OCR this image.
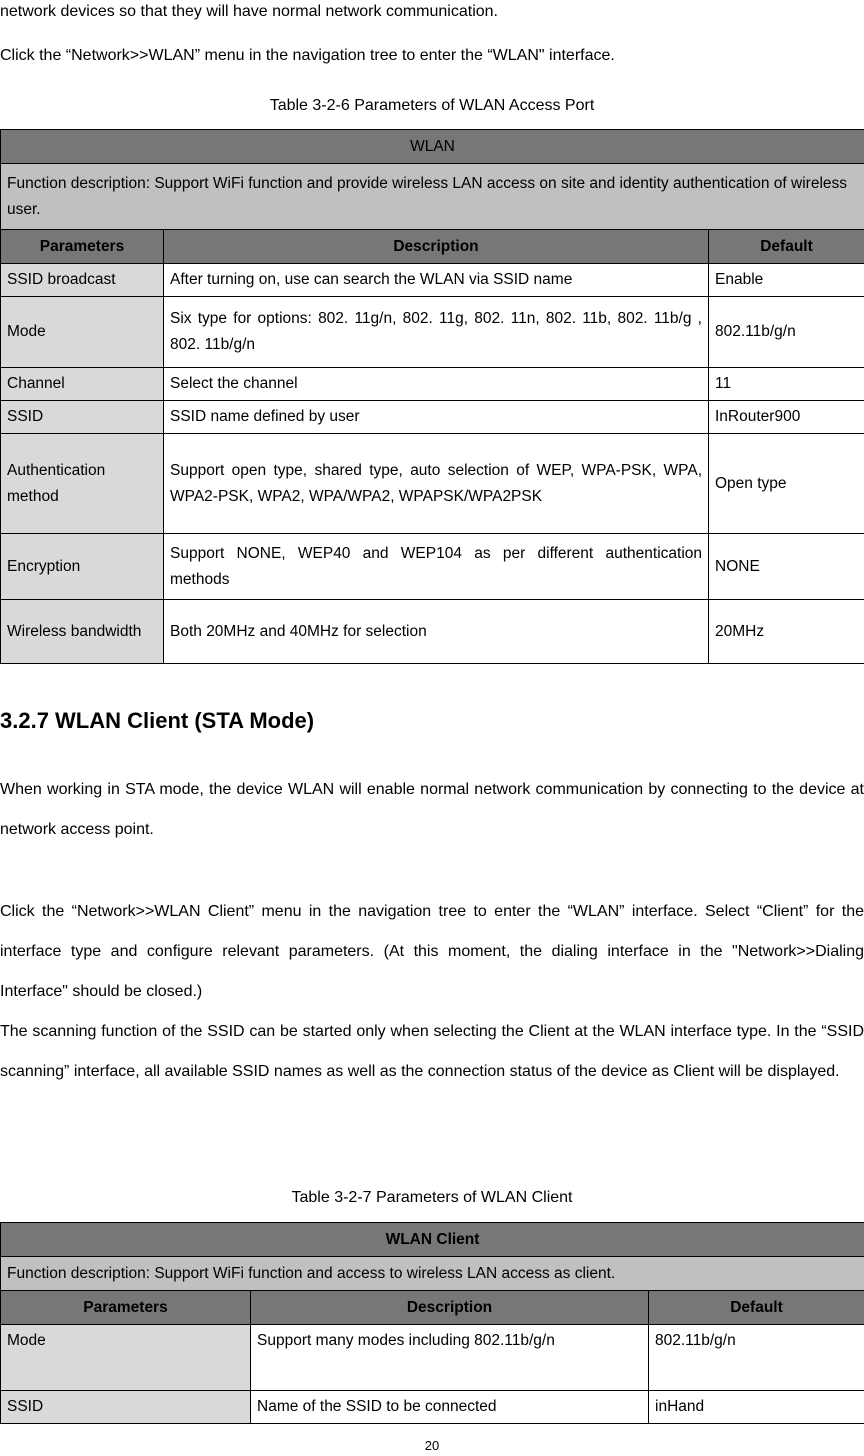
network devices so that they will have normal network communication.

Click the “Network>>WLAN” menu in the navigation tree to enter the “WLAN" interface.

Table 3-2-6 Parameters of WLAN Access Port
WLAN		
Function description: Support WiFi function and provide wireless LAN access on site and identity authentication of wireless user.		
Parameters	Description	Default
SSID broadcast	After turning on, use can search the WLAN via SSID name	Enable
Mode	Six type for options: 802. 11g/n, 802. 11g, 802. 11n, 802. 11b, 802. 11b/g , 802. 11b/g/n	802.11b/g/n
Channel	Select the channel	11
SSID	SSID name defined by user	InRouter900
Authentication method	Support open type, shared type, auto selection of WEP, WPA-PSK, WPA, WPA2-PSK, WPA2, WPA/WPA2, WPAPSK/WPA2PSK	Open type
Encryption	Support NONE, WEP40 and WEP104 as per different authentication methods	NONE
Wireless bandwidth	Both 20MHz and 40MHz for selection	20MHz
3.2.7 WLAN Client (STA Mode)

When working in STA mode, the device WLAN will enable normal network communication by connecting to the device at network access point.

Click the “Network>>WLAN Client” menu in the navigation tree to enter the “WLAN” interface. Select “Client” for the interface type and configure relevant parameters. (At this moment, the dialing interface in the "Network>>Dialing Interface" should be closed.)

The scanning function of the SSID can be started only when selecting the Client at the WLAN interface type. In the “SSID scanning” interface, all available SSID names as well as the connection status of the device as Client will be displayed.

Table 3-2-7 Parameters of WLAN Client
WLAN Client		
Function description: Support WiFi function and access to wireless LAN access as client.		
Parameters	Description	Default
Mode	Support many modes including 802.11b/g/n	802.11b/g/n
SSID	Name of the SSID to be connected	inHand
20
